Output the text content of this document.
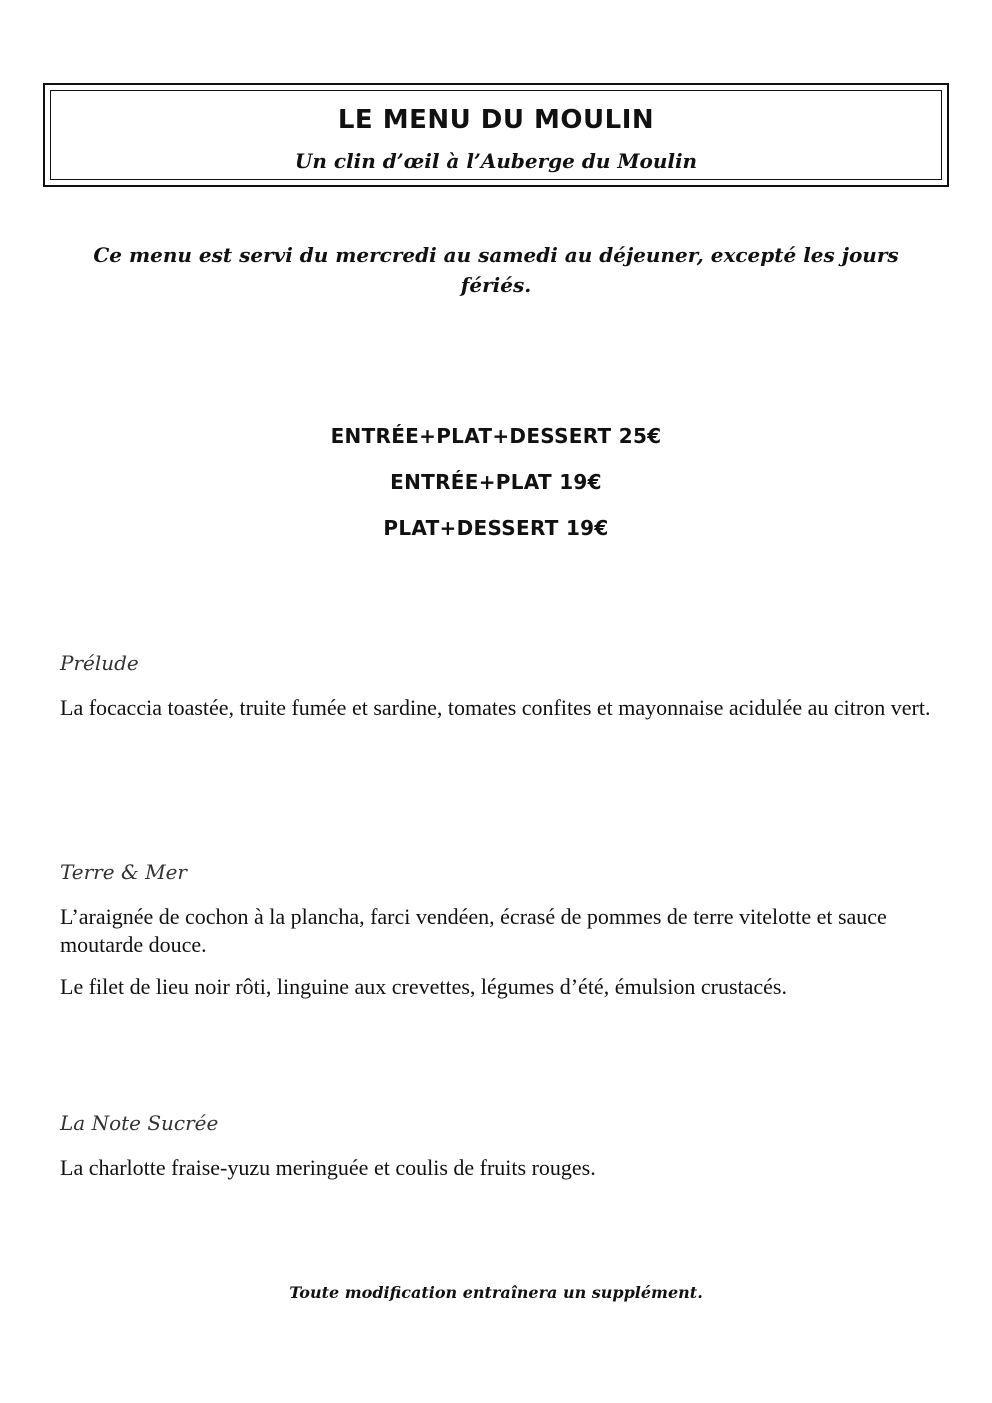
LE MENU DU MOULIN
Un clin d’œil à l’Auberge du Moulin
Ce menu est servi du mercredi au samedi au déjeuner, excepté les jours fériés.
ENTRÉE+PLAT+DESSERT 25€
ENTRÉE+PLAT 19€
PLAT+DESSERT 19€
Prélude
La focaccia toastée, truite fumée et sardine, tomates confites et mayonnaise acidulée au citron vert.
Terre & Mer
L’araignée de cochon à la plancha, farci vendéen, écrasé de pommes de terre vitelotte et sauce moutarde douce.
Le filet de lieu noir rôti, linguine aux crevettes, légumes d’été, émulsion crustacés.
La Note Sucrée
La charlotte fraise-yuzu meringuée et coulis de fruits rouges.
Toute modification entraînera un supplément.
